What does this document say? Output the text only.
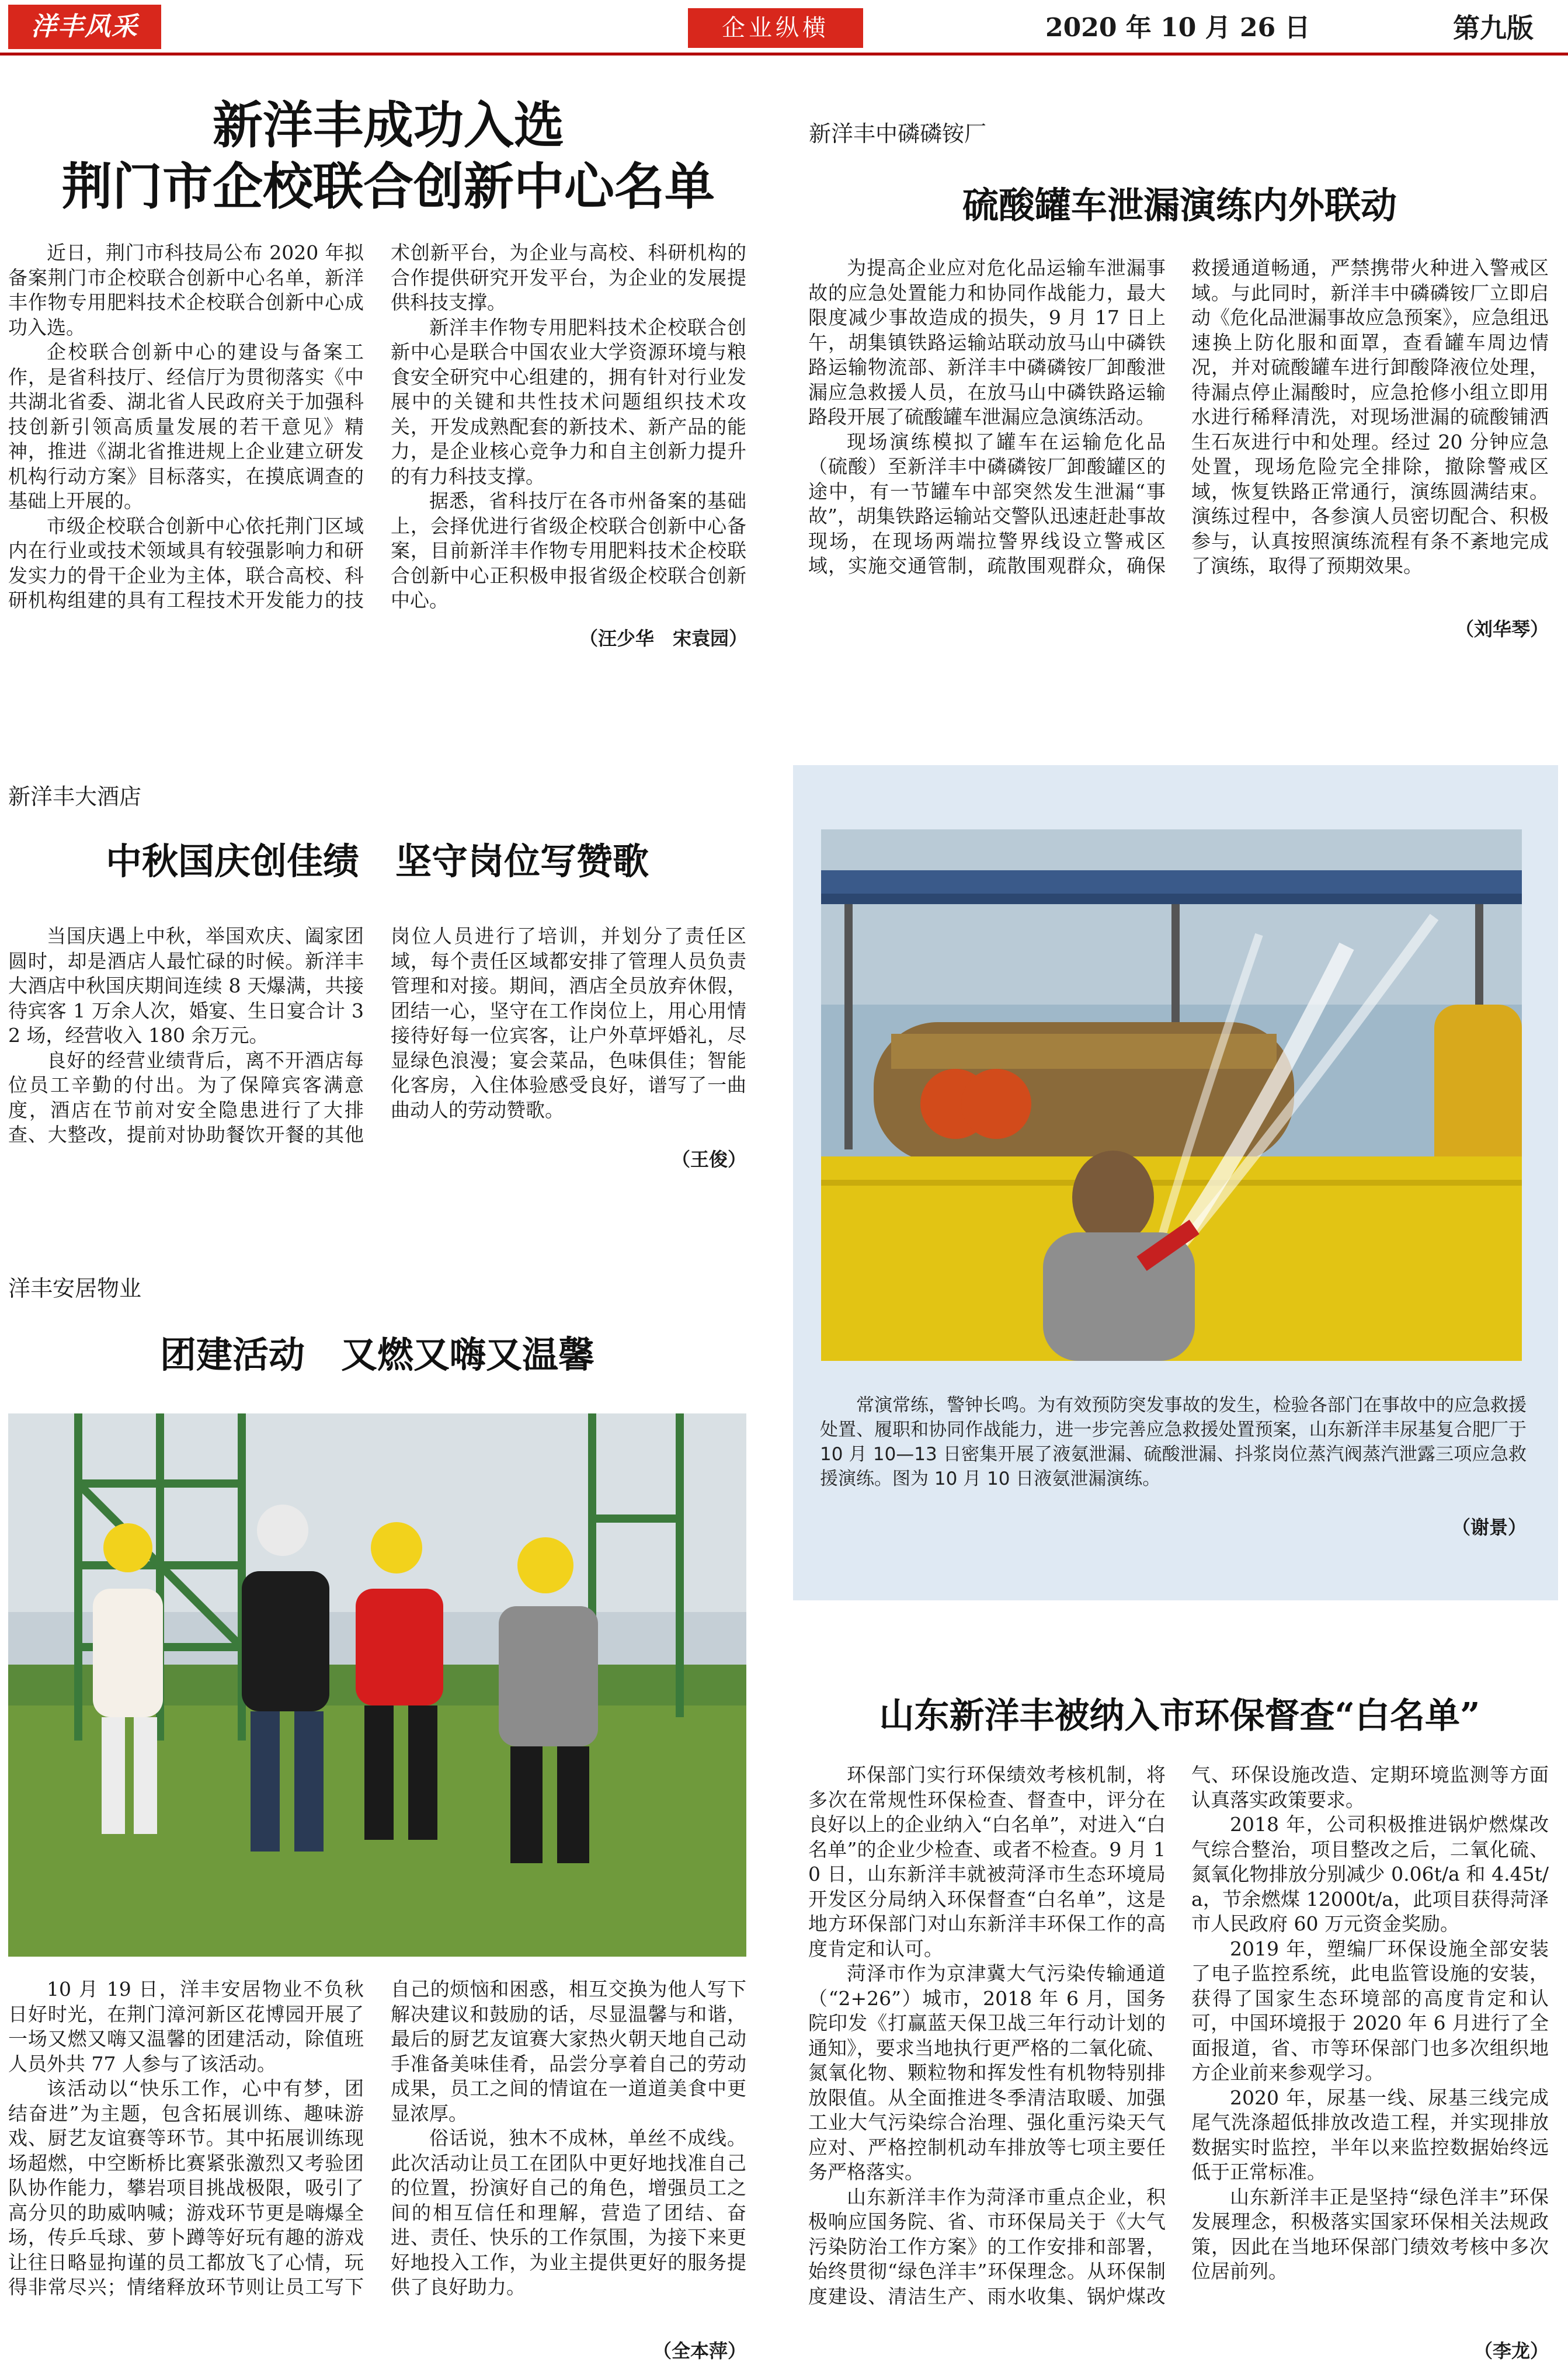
洋丰风采	企业纵横	2020 年 10 月 26 日	第九版
新洋丰成功入选
荆门市企校联合创新中心名单

近日，荆门市科技局公布 2020 年拟备案荆门市企校联合创新中心名单，新洋丰作物专用肥料技术企校联合创新中心成功入选。

企校联合创新中心的建设与备案工作，是省科技厅、经信厅为贯彻落实《中共湖北省委、湖北省人民政府关于加强科技创新引领高质量发展的若干意见》精神，推进《湖北省推进规上企业建立研发机构行动方案》目标落实，在摸底调查的基础上开展的。

市级企校联合创新中心依托荆门区域内在行业或技术领域具有较强影响力和研发实力的骨干企业为主体，联合高校、科研机构组建的具有工程技术开发能力的技术创新平台，为企业与高校、科研机构的合作提供研究开发平台，为企业的发展提供科技支撑。

新洋丰作物专用肥料技术企校联合创新中心是联合中国农业大学资源环境与粮食安全研究中心组建的，拥有针对行业发展中的关键和共性技术问题组织技术攻关，开发成熟配套的新技术、新产品的能力，是企业核心竞争力和自主创新力提升的有力科技支撑。

据悉，省科技厅在各市州备案的基础上，会择优进行省级企校联合创新中心备案，目前新洋丰作物专用肥料技术企校联合创新中心正积极申报省级企校联合创新中心。

（汪少华　宋袁园）
新洋丰中磷磷铵厂
硫酸罐车泄漏演练内外联动

为提高企业应对危化品运输车泄漏事故的应急处置能力和协同作战能力，最大限度减少事故造成的损失，9 月 17 日上午，胡集镇铁路运输站联动放马山中磷铁路运输物流部、新洋丰中磷磷铵厂卸酸泄漏应急救援人员，在放马山中磷铁路运输路段开展了硫酸罐车泄漏应急演练活动。

现场演练模拟了罐车在运输危化品（硫酸）至新洋丰中磷磷铵厂卸酸罐区的途中，有一节罐车中部突然发生泄漏“事故”，胡集铁路运输站交警队迅速赶赴事故现场，在现场两端拉警界线设立警戒区域，实施交通管制，疏散围观群众，确保救援通道畅通，严禁携带火种进入警戒区域。与此同时，新洋丰中磷磷铵厂立即启动《危化品泄漏事故应急预案》，应急组迅速换上防化服和面罩，查看罐车周边情况，并对硫酸罐车进行卸酸降液位处理，待漏点停止漏酸时，应急抢修小组立即用水进行稀释清洗，对现场泄漏的硫酸铺洒生石灰进行中和处理。经过 20 分钟应急处置，现场危险完全排除，撤除警戒区域，恢复铁路正常通行，演练圆满结束。演练过程中，各参演人员密切配合、积极参与，认真按照演练流程有条不紊地完成了演练，取得了预期效果。

（刘华琴）
新洋丰大酒店
中秋国庆创佳绩　坚守岗位写赞歌

当国庆遇上中秋，举国欢庆、阖家团圆时，却是酒店人最忙碌的时候。新洋丰大酒店中秋国庆期间连续 8 天爆满，共接待宾客 1 万余人次，婚宴、生日宴合计 32 场，经营收入 180 余万元。

良好的经营业绩背后，离不开酒店每位员工辛勤的付出。为了保障宾客满意度，酒店在节前对安全隐患进行了大排查、大整改，提前对协助餐饮开餐的其他岗位人员进行了培训，并划分了责任区域，每个责任区域都安排了管理人员负责管理和对接。期间，酒店全员放弃休假，团结一心，坚守在工作岗位上，用心用情接待好每一位宾客，让户外草坪婚礼，尽显绿色浪漫；宴会菜品，色味俱佳；智能化客房，入住体验感受良好，谱写了一曲曲动人的劳动赞歌。

（王俊）
常演常练，警钟长鸣。为有效预防突发事故的发生，检验各部门在事故中的应急救援处置、履职和协同作战能力，进一步完善应急救援处置预案，山东新洋丰尿基复合肥厂于 10 月 10—13 日密集开展了液氨泄漏、硫酸泄漏、抖浆岗位蒸汽阀蒸汽泄露三项应急救援演练。图为 10 月 10 日液氨泄漏演练。
（谢景）
洋丰安居物业
团建活动　又燃又嗨又温馨

10 月 19 日，洋丰安居物业不负秋日好时光，在荆门漳河新区花博园开展了一场又燃又嗨又温馨的团建活动，除值班人员外共 77 人参与了该活动。

该活动以“快乐工作，心中有梦，团结奋进”为主题，包含拓展训练、趣味游戏、厨艺友谊赛等环节。其中拓展训练现场超燃，中空断桥比赛紧张激烈又考验团队协作能力，攀岩项目挑战极限，吸引了高分贝的助威呐喊；游戏环节更是嗨爆全场，传乒乓球、萝卜蹲等好玩有趣的游戏让往日略显拘谨的员工都放飞了心情，玩得非常尽兴；情绪释放环节则让员工写下自己的烦恼和困惑，相互交换为他人写下解决建议和鼓励的话，尽显温馨与和谐，最后的厨艺友谊赛大家热火朝天地自己动手准备美味佳肴，品尝分享着自己的劳动成果，员工之间的情谊在一道道美食中更显浓厚。

俗话说，独木不成林，单丝不成线。此次活动让员工在团队中更好地找准自己的位置，扮演好自己的角色，增强员工之间的相互信任和理解，营造了团结、奋进、责任、快乐的工作氛围，为接下来更好地投入工作，为业主提供更好的服务提供了良好助力。

（全本萍）
山东新洋丰被纳入市环保督查“白名单”

环保部门实行环保绩效考核机制，将多次在常规性环保检查、督查中，评分在良好以上的企业纳入“白名单”，对进入“白名单”的企业少检查、或者不检查。9 月 10 日，山东新洋丰就被菏泽市生态环境局开发区分局纳入环保督查“白名单”，这是地方环保部门对山东新洋丰环保工作的高度肯定和认可。

菏泽市作为京津冀大气污染传输通道（“2+26”）城市，2018 年 6 月，国务院印发《打赢蓝天保卫战三年行动计划的通知》，要求当地执行更严格的二氧化硫、氮氧化物、颗粒物和挥发性有机物特别排放限值。从全面推进冬季清洁取暖、加强工业大气污染综合治理、强化重污染天气应对、严格控制机动车排放等七项主要任务严格落实。

山东新洋丰作为菏泽市重点企业，积极响应国务院、省、市环保局关于《大气污染防治工作方案》的工作安排和部署，始终贯彻“绿色洋丰”环保理念。从环保制度建设、清洁生产、雨水收集、锅炉煤改气、环保设施改造、定期环境监测等方面认真落实政策要求。

2018 年，公司积极推进锅炉燃煤改气综合整治，项目整改之后，二氧化硫、氮氧化物排放分别减少 0.06t/a 和 4.45t/a，节余燃煤 12000t/a，此项目获得菏泽市人民政府 60 万元资金奖励。

2019 年，塑编厂环保设施全部安装了电子监控系统，此电监管设施的安装，获得了国家生态环境部的高度肯定和认可，中国环境报于 2020 年 6 月进行了全面报道，省、市等环保部门也多次组织地方企业前来参观学习。

2020 年，尿基一线、尿基三线完成尾气洗涤超低排放改造工程，并实现排放数据实时监控，半年以来监控数据始终远低于正常标准。

山东新洋丰正是坚持“绿色洋丰”环保发展理念，积极落实国家环保相关法规政策，因此在当地环保部门绩效考核中多次位居前列。

（李龙）
